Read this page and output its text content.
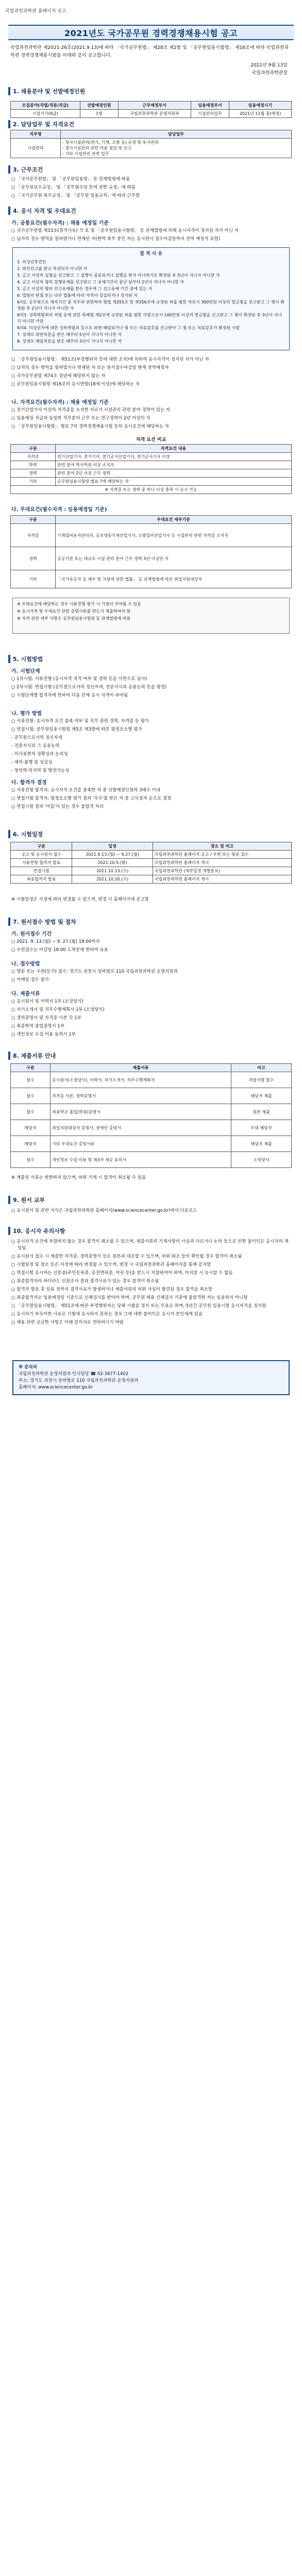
국립과천과학관 홈페이지 공고
2021년도 국가공무원 경력경쟁채용시험 공고

국립과천과학관 제2021-26호(2021.9.13)에 따라 「국가공무원법」 제28조 제2항 및 「공무원임용시험령」 제16조에 따라 국립과천과학관 경력경쟁채용시험을 아래와 같이 공고합니다.

2021년 9월 13일
국립과천과학관장
1. 채용분야 및 선발예정인원
모집분야(직렬/직류/직급)	선발예정인원	근무예정부서	임용예정부서	임용예정시기
시설서기(9급)	1명	국립과천과학관 운영지원과	시설관리업무	2021년 11월 중(예정)
2. 담당업무 및 자격요건
직무명	담당업무
시설관리	- 청사시설관리(전기, 기계, 소방 등) 운영 및 유지관리
- 청사시설관리 관련 각종 점검 및 보고
- 기타 시설관리 관련 업무
3. 근무조건

○ 「국가공무원법」 및 「공무원임용령」 등 관계법령에 따름

○ 「공무원보수규정」 및 「공무원수당 등에 관한 규정」에 따름

○ 「국가공무원 복무규정」 및 「공무원 임용규칙」에 따라 근무함

4. 응시 자격 및 우대요건
가. 공통요건(필수자격) : 채용 예정일 기준

○ 국가공무원법 제33조(결격사유) 각 호 및 「공무원임용시험령」 등 관계법령에 의해 응시자격이 정지된 자가 아닌 자

○ 남자의 경우 병역을 필하였거나 면제된 자(현역 복무 중인 자는 응시원서 접수마감일까지 전역 예정자 포함)

결 격 사 유

1. 피성년후견인

2. 파산선고를 받고 복권되지 아니한 자

3. 금고 이상의 실형을 선고받고 그 집행이 종료되거나 집행을 받지 아니하기로 확정된 후 5년이 지나지 아니한 자

4. 금고 이상의 형의 집행유예를 선고받고 그 유예기간이 끝난 날부터 2년이 지나지 아니한 자

5. 금고 이상의 형의 선고유예를 받은 경우에 그 선고유예 기간 중에 있는 자

6. 법원의 판결 또는 다른 법률에 따라 자격이 상실되거나 정지된 자

6의2. 공무원으로 재직기간 중 직무와 관련하여 형법 제355조 및 제356조에 규정된 죄를 범한 자로서 300만원 이상의 벌금형을 선고받고 그 형이 확정된 후 2년이 지나지 아니한 자

6의3. 성폭력범죄의 처벌 등에 관한 특례법 제2조에 규정된 죄를 범한 사람으로서 100만원 이상의 벌금형을 선고받고 그 형이 확정된 후 3년이 지나지 아니한 사람

6의4. 미성년자에 대한 성폭력범죄 등으로 파면·해임되거나 형 또는 치료감호를 선고받아 그 형 또는 치료감호가 확정된 사람

7. 징계로 파면처분을 받은 때부터 5년이 지나지 아니한 자

8. 징계로 해임처분을 받은 때부터 3년이 지나지 아니한 자

○ 「공무원임용시험령」 제51조(부정행위자 등에 대한 조치)에 의하여 응시자격이 정지된 자가 아닌 자

○ 남자의 경우 병역을 필하였거나 면제된 자 또는 원서접수마감일 현재 전역예정자

○ 국가공무원법 제74조 정년에 해당하지 않는 자

○ 공무원임용시험령 제16조의 응시연령(18세 이상)에 해당하는 자

나. 자격요건(필수자격) : 채용 예정일 기준

○ 전기산업기사 이상의 자격증을 소지한 자로서 시설관리 관련 분야 경력이 있는 자

○ 임용예정 직급과 동일한 직무분야 근무 또는 연구경력이 2년 이상인 자

○ 「공무원임용시험령」 별표 7의 경력경쟁채용시험 등의 응시요건에 해당하는 자

자격 요건 비교
구분	자격요건 내용
자격증	전기산업기사, 전기기사, 전기공사산업기사, 전기공사기사 이상
학력	관련 분야 학사학위 이상 소지자
경력	관련 분야 2년 이상 근무 경력
기타	공무원임용시험령 별표 7에 해당하는 자
※ 자격증 또는 경력 중 하나 이상 충족 시 응시 가능	
다. 우대요건(필수자격 : 임용예정일 기준)
구분	우대요건 세부기준
자격증	기계설비유지관리자, 공조냉동기계산업기사, 소방설비산업기사 등 시설관리 관련 자격증 소지자
경력	공공기관 또는 대규모 시설 관리 분야 근무 경력 3년 이상인 자
기타	「국가유공자 등 예우 및 지원에 관한 법률」 등 관계법령에 따른 취업지원대상자

※ 우대요건에 해당하는 경우 서류전형 평가 시 가점이 부여될 수 있음

※ 응시자격 및 우대요건 관련 증빙서류를 반드시 제출하여야 함

※ 자격 관련 세부 사항은 공무원임용시험령 등 관계법령에 따름

5. 시험방법
가. 시험단계

○ 1차시험: 서류전형 (응시자격 적격 여부 및 경력 등을 서면으로 심사)

○ 2차시험: 면접시험 (공무원으로서의 정신자세, 전문지식과 응용능력 등을 평정)

○ 시험단계별 합격자에 한하여 다음 단계 응시 자격이 부여됨

나. 평가 방법

○ 서류전형: 응시자격 요건 충족 여부 및 직무 관련 경력, 자격증 등 평가

○ 면접시험: 공무원임용시험령 제5조 제3항에 따른 평정요소별 평가

- 공무원으로서의 정신자세

- 전문지식과 그 응용능력

- 의사표현의 정확성과 논리성

- 예의·품행 및 성실성

- 창의력·의지력 및 발전가능성

다. 합격자 결정

○ 서류전형 합격자: 응시자격 요건을 충족한 자 중 선발예정인원의 3배수 이내

○ 면접시험 합격자: 평정요소별 평가 결과 '우수'를 받은 자 중 고득점자 순으로 결정

○ 면접시험 결과 '미흡'이 있는 경우 불합격 처리

6. 시험일정
구분	일정	장소 및 비고
공고 및 응시원서 접수	2021.9.13.(월) ~ 9.27.(월)	국립과천과학관 홈페이지 공고 / 우편 또는 방문 접수
서류전형 합격자 발표	2021.10.5.(화)	국립과천과학관 홈페이지 게시
면접시험	2021.10.13.(수)	국립과천과학관 (세부일정 개별통보)
최종합격자 발표	2021.10.20.(수)	국립과천과학관 홈페이지 게시

※ 시험일정은 사정에 따라 변경될 수 있으며, 변경 시 홈페이지에 공고함

7. 원서접수 방법 및 절차
가. 원서접수 기간

○ 2021. 9. 13.(월) ~ 9. 27.(월) 18:00까지

○ 우편접수는 마감일 18:00 도착분에 한하여 유효

나. 접수방법

○ 방문 또는 우편(등기) 접수: 경기도 과천시 상하벌로 110 국립과천과학관 운영지원과

○ 이메일 접수 불가

다. 제출서류

○ 응시원서 및 이력서 1부 (소정양식)

○ 자기소개서 및 직무수행계획서 1부 (소정양식)

○ 경력증명서 및 자격증 사본 각 1부

○ 최종학력 졸업증명서 1부

○ 개인정보 수집·이용 동의서 1부

8. 제출서류 안내
구분	제출서류	비고
필수	응시원서(소정양식), 이력서, 자기소개서, 직무수행계획서	자필서명 필수
필수	자격증 사본, 경력증명서	해당자 제출
필수	최종학교 졸업(학위)증명서	원본 제출
해당자	취업지원대상자 증명서, 장애인 증명서	우대 해당자
해당자	기타 우대요건 증빙서류	해당자 제출
필수	개인정보 수집·이용 및 제3자 제공 동의서	소정양식

※ 제출된 서류는 반환하지 않으며, 허위 기재 시 합격이 취소될 수 있음

9. 원서 교부

○ 응시원서 및 관련 서식은 국립과천과학관 홈페이지(www.sciencecenter.go.kr)에서 다운로드

10. 응시자 유의사항

○ 응시자격 요건에 부합하지 않는 경우 합격이 취소될 수 있으며, 제출서류의 기재사항이 사실과 다르거나 누락 등으로 인한 불이익은 응시자의 책임임

○ 응시원서 접수 시 제출한 자격증, 경력증명서 등은 원본과 대조할 수 있으며, 허위·위조 등이 확인될 경우 합격이 취소됨

○ 시험일정 및 장소 등은 사정에 따라 변경될 수 있으며, 변경 시 국립과천과학관 홈페이지를 통해 공지함

○ 면접시험 응시자는 신분증(주민등록증, 운전면허증, 여권 등)을 반드시 지참하여야 하며, 미지참 시 응시할 수 없음

○ 최종합격자라 하더라도 신원조사 결과 결격사유가 있는 경우 합격이 취소됨

○ 합격자 발표 후 임용 전까지 결격사유가 발생하거나 제출서류의 허위 사실이 발견된 경우 합격을 취소함

○ 최종합격자는 임용예정일 기준으로 신체검사를 받아야 하며, 공무원 채용 신체검사 기준에 불합격한 자는 임용하지 아니함

○ 「공무원임용시험령」 제51조에 따른 부정행위자는 당해 시험을 정지 또는 무효로 하며, 5년간 공무원 임용시험 응시자격을 정지함

○ 응시자가 부득이한 사유로 시험에 응시하지 못하는 경우 그에 대한 불이익은 응시자 본인에게 있음

○ 채용 관련 궁금한 사항은 아래 문의처로 연락하시기 바람

※ 문의처

국립과천과학관 운영지원과 인사담당 ☎ 02-3677-1402

주소: 경기도 과천시 상하벌로 110 국립과천과학관 운영지원과

홈페이지: www.sciencecenter.go.kr
